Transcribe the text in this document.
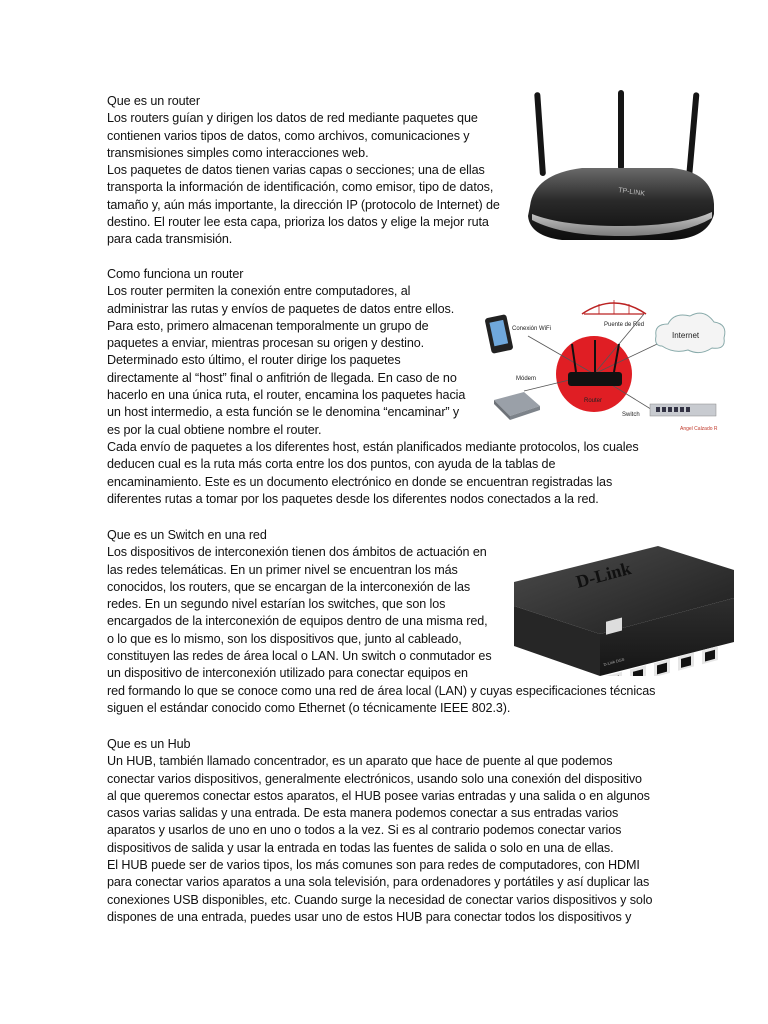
Que es un router
Los routers guían y dirigen los datos de red mediante paquetes que
contienen varios tipos de datos, como archivos, comunicaciones y
transmisiones simples como interacciones web.
Los paquetes de datos tienen varias capas o secciones; una de ellas
transporta la información de identificación, como emisor, tipo de datos,
tamaño y, aún más importante, la dirección IP (protocolo de Internet) de
destino. El router lee esta capa, prioriza los datos y elige la mejor ruta
para cada transmisión.
Como funciona un router
Los router permiten la conexión entre computadores, al
administrar las rutas y envíos de paquetes de datos entre ellos.
Para esto, primero almacenan temporalmente un grupo de
paquetes a enviar, mientras procesan su origen y destino.
Determinado esto último, el router dirige los paquetes
directamente al “host” final o anfitrión de llegada. En caso de no
hacerlo en una única ruta, el router, encamina los paquetes hacia
un host intermedio, a esta función se le denomina “encaminar” y
es por la cual obtiene nombre el router.
Cada envío de paquetes a los diferentes host, están planificados mediante protocolos, los cuales
deducen cual es la ruta más corta entre los dos puntos, con ayuda de la tablas de
encaminamiento. Este es un documento electrónico en donde se encuentran registradas las
diferentes rutas a tomar por los paquetes desde los diferentes nodos conectados a la red.
Que es un Switch en una red
Los dispositivos de interconexión tienen dos ámbitos de actuación en
las redes telemáticas. En un primer nivel se encuentran los más
conocidos, los routers, que se encargan de la interconexión de las
redes. En un segundo nivel estarían los switches, que son los
encargados de la interconexión de equipos dentro de una misma red,
o lo que es lo mismo, son los dispositivos que, junto al cableado,
constituyen las redes de área local o LAN. Un switch o conmutador es
un dispositivo de interconexión utilizado para conectar equipos en
red formando lo que se conoce como una red de área local (LAN) y cuyas especificaciones técnicas
siguen el estándar conocido como Ethernet (o técnicamente IEEE 802.3).
Que es un Hub
Un HUB, también llamado concentrador, es un aparato que hace de puente al que podemos
conectar varios dispositivos, generalmente electrónicos, usando solo una conexión del dispositivo
al que queremos conectar estos aparatos, el HUB posee varias entradas y una salida o en algunos
casos varias salidas y una entrada. De esta manera podemos conectar a sus entradas varios
aparatos y usarlos de uno en uno o todos a la vez. Si es al contrario podemos conectar varios
dispositivos de salida y usar la entrada en todas las fuentes de salida o solo en una de ellas.
El HUB puede ser de varios tipos, los más comunes son para redes de computadores, con HDMI
para conectar varios aparatos a una sola televisión, para ordenadores y portátiles y así duplicar las
conexiones USB disponibles, etc. Cuando surge la necesidad de conectar varios dispositivos y solo
dispones de una entrada, puedes usar uno de estos HUB para conectar todos los dispositivos y
TP-LINK
Puente de Red
Router
Conexión WiFi
Internet
Módem
Switch
Angel Calzado R
D-Link
D-Link DGS
